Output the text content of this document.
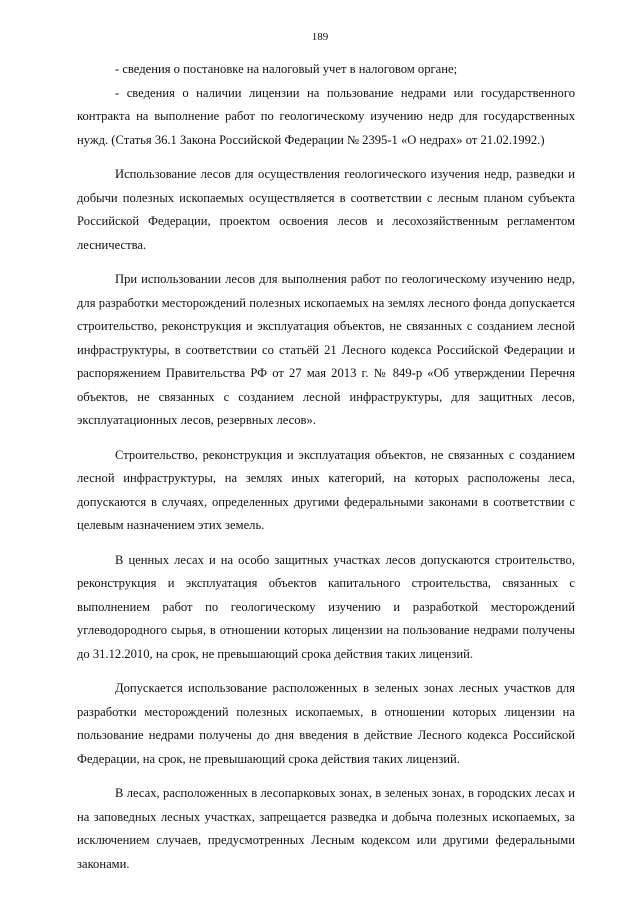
189

- сведения о постановке на налоговый учет в налоговом органе;

- сведения о наличии лицензии на пользование недрами или государственного контракта на выполнение работ по геологическому изучению недр для государственных нужд. (Статья 36.1 Закона Российской Федерации № 2395-1 «О недрах» от 21.02.1992.)

Использование лесов для осуществления геологического изучения недр, разведки и добычи полезных ископаемых осуществляется в соответствии с лесным планом субъекта Российской Федерации, проектом освоения лесов и лесохозяйственным регламентом лесничества.

При использовании лесов для выполнения работ по геологическому изучению недр, для разработки месторождений полезных ископаемых на землях лесного фонда допускается строительство, реконструкция и эксплуатация объектов, не связанных с созданием лесной инфраструктуры, в соответствии со статьёй 21 Лесного кодекса Российской Федерации и распоряжением Правительства РФ от 27 мая 2013 г. № 849-р «Об утверждении Перечня объектов, не связанных с созданием лесной инфраструктуры, для защитных лесов, эксплуатационных лесов, резервных лесов».

Строительство, реконструкция и эксплуатация объектов, не связанных с созданием лесной инфраструктуры, на землях иных категорий, на которых расположены леса, допускаются в случаях, определенных другими федеральными законами в соответствии с целевым назначением этих земель.

В ценных лесах и на особо защитных участках лесов допускаются строительство, реконструкция и эксплуатация объектов капитального строительства, связанных с выполнением работ по геологическому изучению и разработкой месторождений углеводородного сырья, в отношении которых лицензии на пользование недрами получены до 31.12.2010, на срок, не превышающий срока действия таких лицензий.

Допускается использование расположенных в зеленых зонах лесных участков для разработки месторождений полезных ископаемых, в отношении которых лицензии на пользование недрами получены до дня введения в действие Лесного кодекса Российской Федерации, на срок, не превышающий срока действия таких лицензий.

В лесах, расположенных в лесопарковых зонах, в зеленых зонах, в городских лесах и на заповедных лесных участках, запрещается разведка и добыча полезных ископаемых, за исключением случаев, предусмотренных Лесным кодексом или другими федеральными законами.
